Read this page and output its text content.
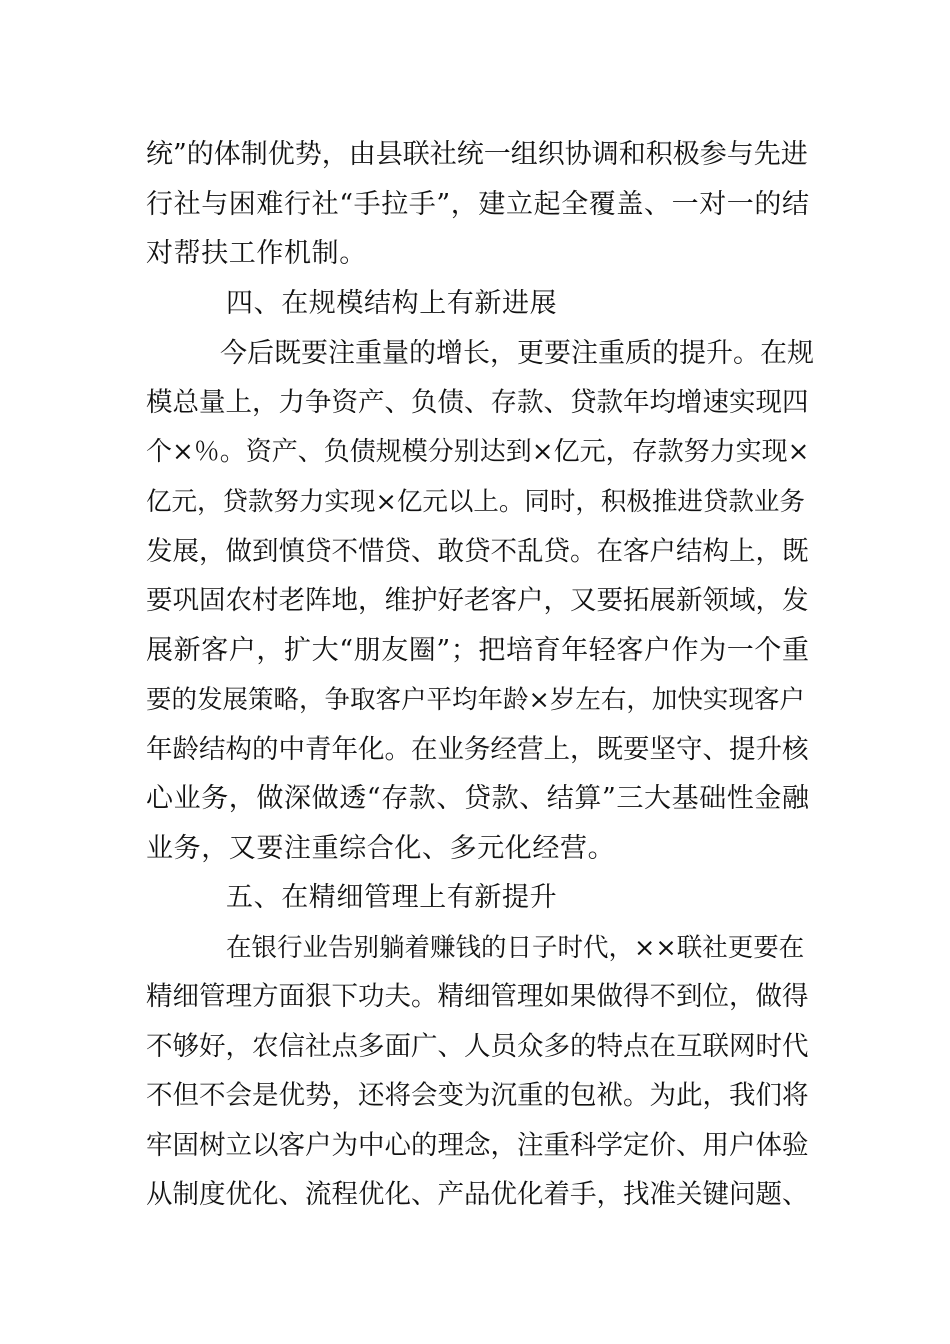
统”的体制优势，由县联社统一组织协调和积极参与先进
行社与困难行社“手拉手”，建立起全覆盖、一对一的结
对帮扶工作机制。
四、在规模结构上有新进展
今后既要注重量的增长，更要注重质的提升。在规
模总量上，力争资产、负债、存款、贷款年均增速实现四
个×％。资产、负债规模分别达到×亿元，存款努力实现×
亿元，贷款努力实现×亿元以上。同时，积极推进贷款业务
发展，做到慎贷不惜贷、敢贷不乱贷。在客户结构上，既
要巩固农村老阵地，维护好老客户，又要拓展新领域，发
展新客户，扩大“朋友圈”；把培育年轻客户作为一个重
要的发展策略，争取客户平均年龄×岁左右，加快实现客户
年龄结构的中青年化。在业务经营上，既要坚守、提升核
心业务，做深做透“存款、贷款、结算”三大基础性金融
业务，又要注重综合化、多元化经营。
五、在精细管理上有新提升
在银行业告别躺着赚钱的日子时代，××联社更要在
精细管理方面狠下功夫。精细管理如果做得不到位，做得
不够好，农信社点多面广、人员众多的特点在互联网时代
不但不会是优势，还将会变为沉重的包袱。为此，我们将
牢固树立以客户为中心的理念，注重科学定价、用户体验
从制度优化、流程优化、产品优化着手，找准关键问题、
